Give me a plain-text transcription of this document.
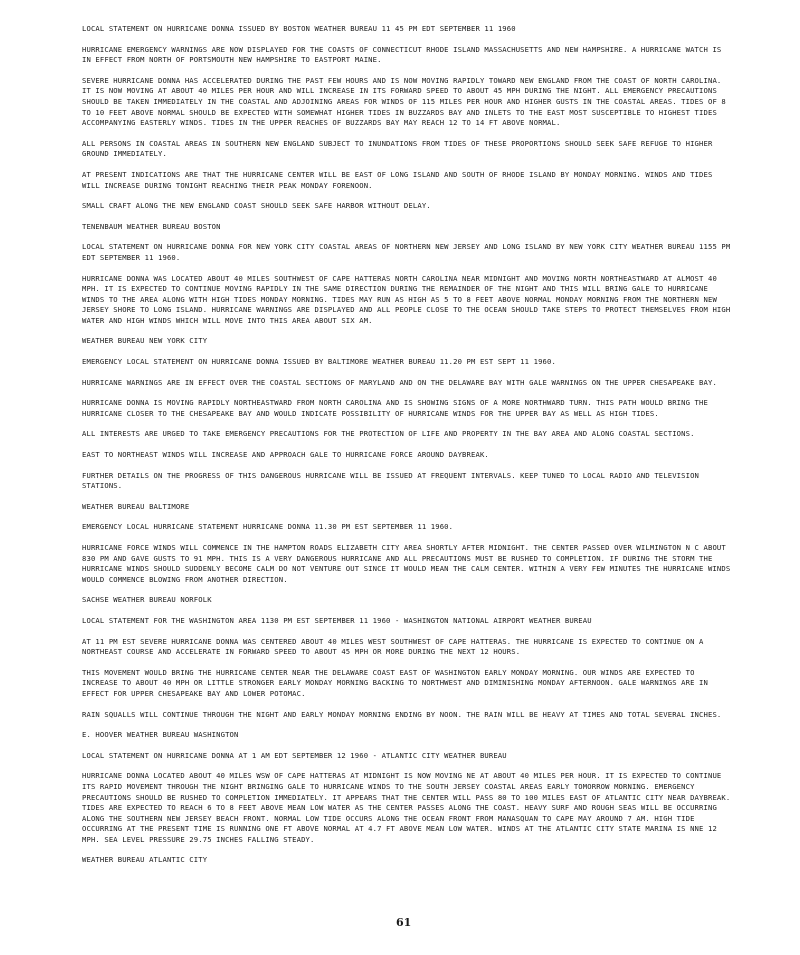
LOCAL STATEMENT ON HURRICANE DONNA ISSUED BY BOSTON WEATHER BUREAU 11 45 PM EDT SEPTEMBER 11 1960

HURRICANE EMERGENCY WARNINGS ARE NOW DISPLAYED FOR THE COASTS OF CONNECTICUT RHODE ISLAND MASSACHUSETTS AND NEW HAMPSHIRE. A HURRICANE WATCH IS IN EFFECT FROM NORTH OF PORTSMOUTH NEW HAMPSHIRE TO EASTPORT MAINE.

SEVERE HURRICANE DONNA HAS ACCELERATED DURING THE PAST FEW HOURS AND IS NOW MOVING RAPIDLY TOWARD NEW ENGLAND FROM THE COAST OF NORTH CAROLINA. IT IS NOW MOVING AT ABOUT 40 MILES PER HOUR AND WILL INCREASE IN ITS FORWARD SPEED TO ABOUT 45 MPH DURING THE NIGHT. ALL EMERGENCY PRECAUTIONS SHOULD BE TAKEN IMMEDIATELY IN THE COASTAL AND ADJOINING AREAS FOR WINDS OF 115 MILES PER HOUR AND HIGHER GUSTS IN THE COASTAL AREAS. TIDES OF 8 TO 10 FEET ABOVE NORMAL SHOULD BE EXPECTED WITH SOMEWHAT HIGHER TIDES IN BUZZARDS BAY AND INLETS TO THE EAST MOST SUSCEPTIBLE TO HIGHEST TIDES ACCOMPANYING EASTERLY WINDS. TIDES IN THE UPPER REACHES OF BUZZARDS BAY MAY REACH 12 TO 14 FT ABOVE NORMAL.

ALL PERSONS IN COASTAL AREAS IN SOUTHERN NEW ENGLAND SUBJECT TO INUNDATIONS FROM TIDES OF THESE PROPORTIONS SHOULD SEEK SAFE REFUGE TO HIGHER GROUND IMMEDIATELY.

AT PRESENT INDICATIONS ARE THAT THE HURRICANE CENTER WILL BE EAST OF LONG ISLAND AND SOUTH OF RHODE ISLAND BY MONDAY MORNING. WINDS AND TIDES WILL INCREASE DURING TONIGHT REACHING THEIR PEAK MONDAY FORENOON.

SMALL CRAFT ALONG THE NEW ENGLAND COAST SHOULD SEEK SAFE HARBOR WITHOUT DELAY.

TENENBAUM WEATHER BUREAU BOSTON

LOCAL STATEMENT ON HURRICANE DONNA FOR NEW YORK CITY COASTAL AREAS OF NORTHERN NEW JERSEY AND LONG ISLAND BY NEW YORK CITY WEATHER BUREAU 1155 PM EDT SEPTEMBER 11 1960.

HURRICANE DONNA WAS LOCATED ABOUT 40 MILES SOUTHWEST OF CAPE HATTERAS NORTH CAROLINA NEAR MIDNIGHT AND MOVING NORTH NORTHEASTWARD AT ALMOST 40 MPH. IT IS EXPECTED TO CONTINUE MOVING RAPIDLY IN THE SAME DIRECTION DURING THE REMAINDER OF THE NIGHT AND THIS WILL BRING GALE TO HURRICANE WINDS TO THE AREA ALONG WITH HIGH TIDES MONDAY MORNING. TIDES MAY RUN AS HIGH AS 5 TO 8 FEET ABOVE NORMAL MONDAY MORNING FROM THE NORTHERN NEW JERSEY SHORE TO LONG ISLAND. HURRICANE WARNINGS ARE DISPLAYED AND ALL PEOPLE CLOSE TO THE OCEAN SHOULD TAKE STEPS TO PROTECT THEMSELVES FROM HIGH WATER AND HIGH WINDS WHICH WILL MOVE INTO THIS AREA ABOUT SIX AM.

WEATHER BUREAU NEW YORK CITY

EMERGENCY LOCAL STATEMENT ON HURRICANE DONNA ISSUED BY BALTIMORE WEATHER BUREAU 11.20 PM EST SEPT 11 1960.

HURRICANE WARNINGS ARE IN EFFECT OVER THE COASTAL SECTIONS OF MARYLAND AND ON THE DELAWARE BAY WITH GALE WARNINGS ON THE UPPER CHESAPEAKE BAY.

HURRICANE DONNA IS MOVING RAPIDLY NORTHEASTWARD FROM NORTH CAROLINA AND IS SHOWING SIGNS OF A MORE NORTHWARD TURN. THIS PATH WOULD BRING THE HURRICANE CLOSER TO THE CHESAPEAKE BAY AND WOULD INDICATE POSSIBILITY OF HURRICANE WINDS FOR THE UPPER BAY AS WELL AS HIGH TIDES.

ALL INTERESTS ARE URGED TO TAKE EMERGENCY PRECAUTIONS FOR THE PROTECTION OF LIFE AND PROPERTY IN THE BAY AREA AND ALONG COASTAL SECTIONS.

EAST TO NORTHEAST WINDS WILL INCREASE AND APPROACH GALE TO HURRICANE FORCE AROUND DAYBREAK.

FURTHER DETAILS ON THE PROGRESS OF THIS DANGEROUS HURRICANE WILL BE ISSUED AT FREQUENT INTERVALS. KEEP TUNED TO LOCAL RADIO AND TELEVISION STATIONS.

WEATHER BUREAU BALTIMORE

EMERGENCY LOCAL HURRICANE STATEMENT HURRICANE DONNA 11.30 PM EST SEPTEMBER 11 1960.

HURRICANE FORCE WINDS WILL COMMENCE IN THE HAMPTON ROADS ELIZABETH CITY AREA SHORTLY AFTER MIDNIGHT. THE CENTER PASSED OVER WILMINGTON N C ABOUT 830 PM AND GAVE GUSTS TO 91 MPH. THIS IS A VERY DANGEROUS HURRICANE AND ALL PRECAUTIONS MUST BE RUSHED TO COMPLETION. IF DURING THE STORM THE HURRICANE WINDS SHOULD SUDDENLY BECOME CALM DO NOT VENTURE OUT SINCE IT WOULD MEAN THE CALM CENTER. WITHIN A VERY FEW MINUTES THE HURRICANE WINDS WOULD COMMENCE BLOWING FROM ANOTHER DIRECTION.

SACHSE WEATHER BUREAU NORFOLK

LOCAL STATEMENT FOR THE WASHINGTON AREA 1130 PM EST SEPTEMBER 11 1960 - WASHINGTON NATIONAL AIRPORT WEATHER BUREAU

AT 11 PM EST SEVERE HURRICANE DONNA WAS CENTERED ABOUT 40 MILES WEST SOUTHWEST OF CAPE HATTERAS. THE HURRICANE IS EXPECTED TO CONTINUE ON A NORTHEAST COURSE AND ACCELERATE IN FORWARD SPEED TO ABOUT 45 MPH OR MORE DURING THE NEXT 12 HOURS.

THIS MOVEMENT WOULD BRING THE HURRICANE CENTER NEAR THE DELAWARE COAST EAST OF WASHINGTON EARLY MONDAY MORNING. OUR WINDS ARE EXPECTED TO INCREASE TO ABOUT 40 MPH OR LITTLE STRONGER EARLY MONDAY MORNING BACKING TO NORTHWEST AND DIMINISHING MONDAY AFTERNOON. GALE WARNINGS ARE IN EFFECT FOR UPPER CHESAPEAKE BAY AND LOWER POTOMAC.

RAIN SQUALLS WILL CONTINUE THROUGH THE NIGHT AND EARLY MONDAY MORNING ENDING BY NOON. THE RAIN WILL BE HEAVY AT TIMES AND TOTAL SEVERAL INCHES.

E. HOOVER WEATHER BUREAU WASHINGTON

LOCAL STATEMENT ON HURRICANE DONNA AT 1 AM EDT SEPTEMBER 12 1960 - ATLANTIC CITY WEATHER BUREAU

HURRICANE DONNA LOCATED ABOUT 40 MILES WSW OF CAPE HATTERAS AT MIDNIGHT IS NOW MOVING NE AT ABOUT 40 MILES PER HOUR. IT IS EXPECTED TO CONTINUE ITS RAPID MOVEMENT THROUGH THE NIGHT BRINGING GALE TO HURRICANE WINDS TO THE SOUTH JERSEY COASTAL AREAS EARLY TOMORROW MORNING. EMERGENCY PRECAUTIONS SHOULD BE RUSHED TO COMPLETION IMMEDIATELY. IT APPEARS THAT THE CENTER WILL PASS 80 TO 100 MILES EAST OF ATLANTIC CITY NEAR DAYBREAK. TIDES ARE EXPECTED TO REACH 6 TO 8 FEET ABOVE MEAN LOW WATER AS THE CENTER PASSES ALONG THE COAST. HEAVY SURF AND ROUGH SEAS WILL BE OCCURRING ALONG THE SOUTHERN NEW JERSEY BEACH FRONT. NORMAL LOW TIDE OCCURS ALONG THE OCEAN FRONT FROM MANASQUAN TO CAPE MAY AROUND 7 AM. HIGH TIDE OCCURRING AT THE PRESENT TIME IS RUNNING ONE FT ABOVE NORMAL AT 4.7 FT ABOVE MEAN LOW WATER. WINDS AT THE ATLANTIC CITY STATE MARINA IS NNE 12 MPH. SEA LEVEL PRESSURE 29.75 INCHES FALLING STEADY.

WEATHER BUREAU ATLANTIC CITY

61
